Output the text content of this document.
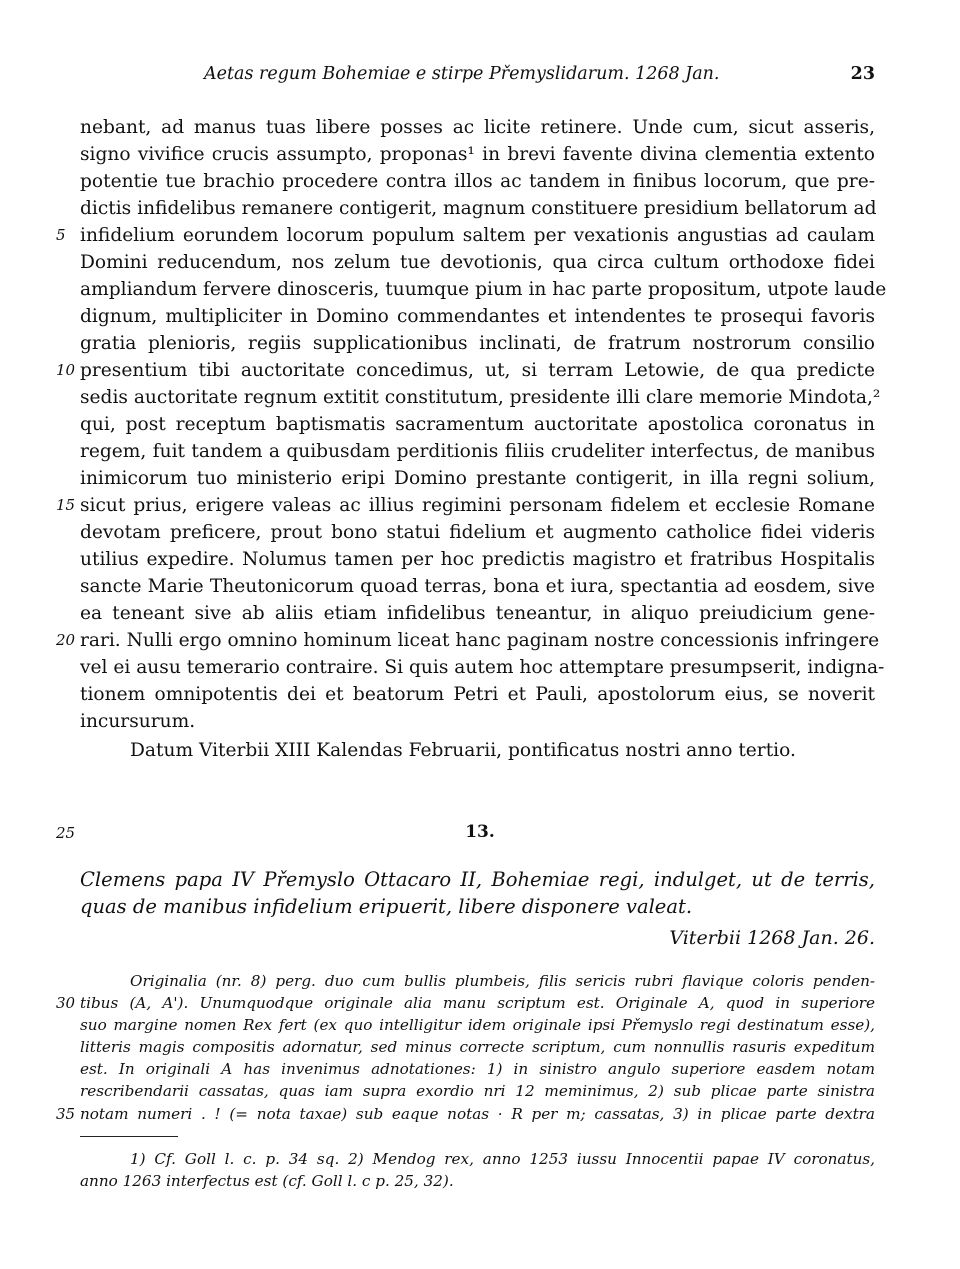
Aetas regum Bohemiae e stirpe Přemyslidarum. 1268 Jan.	23
nebant, ad manus tuas libere posses ac licite retinere. Unde cum, sicut asseris,
signo vivifice crucis assumpto, proponas¹ in brevi favente divina clementia extento
potentie tue brachio procedere contra illos ac tandem in finibus locorum, que pre-
dictis infidelibus remanere contigerit, magnum constituere presidium bellatorum ad
infidelium eorundem locorum populum saltem per vexationis angustias ad caulam
Domini reducendum, nos zelum tue devotionis, qua circa cultum orthodoxe fidei
ampliandum fervere dinosceris, tuumque pium in hac parte propositum, utpote laude
dignum, multipliciter in Domino commendantes et intendentes te prosequi favoris
gratia plenioris, regiis supplicationibus inclinati, de fratrum nostrorum consilio
presentium tibi auctoritate concedimus, ut, si terram Letowie, de qua predicte
sedis auctoritate regnum extitit constitutum, presidente illi clare memorie Mindota,²
qui, post receptum baptismatis sacramentum auctoritate apostolica coronatus in
regem, fuit tandem a quibusdam perditionis filiis crudeliter interfectus, de manibus
inimicorum tuo ministerio eripi Domino prestante contigerit, in illa regni solium,
sicut prius, erigere valeas ac illius regimini personam fidelem et ecclesie Romane
devotam preficere, prout bono statui fidelium et augmento catholice fidei videris
utilius expedire. Nolumus tamen per hoc predictis magistro et fratribus Hospitalis
sancte Marie Theutonicorum quoad terras, bona et iura, spectantia ad eosdem, sive
ea teneant sive ab aliis etiam infidelibus teneantur, in aliquo preiudicium gene-
rari. Nulli ergo omnino hominum liceat hanc paginam nostre concessionis infringere
vel ei ausu temerario contraire. Si quis autem hoc attemptare presumpserit, indigna-
tionem omnipotentis dei et beatorum Petri et Pauli, apostolorum eius, se noverit
incursurum.
5
10
15
20
Datum Viterbii XIII Kalendas Februarii, pontificatus nostri anno tertio.
25	13.
Clemens papa IV Přemyslo Ottacaro II, Bohemiae regi, indulget, ut de terris,
quas de manibus infidelium eripuerit, libere disponere valeat.
Viterbii 1268 Jan. 26.
Originalia (nr. 8) perg. duo cum bullis plumbeis, filis sericis rubri flavique coloris penden-
tibus (A, A'). Unumquodque originale alia manu scriptum est. Originale A, quod in superiore
suo margine nomen Rex fert (ex quo intelligitur idem originale ipsi Přemyslo regi destinatum esse),
litteris magis compositis adornatur, sed minus correcte scriptum, cum nonnullis rasuris expeditum
est. In originali A has invenimus adnotationes: 1) in sinistro angulo superiore easdem notam
rescribendarii cassatas, quas iam supra exordio nri 12 meminimus, 2) sub plicae parte sinistra
notam numeri . ! (= nota taxae) sub eaque notas · R per m; cassatas, 3) in plicae parte dextra
30
35
1) Cf. Goll l. c. p. 34 sq. 2) Mendog rex, anno 1253 iussu Innocentii papae IV coronatus,
anno 1263 interfectus est (cf. Goll l. c p. 25, 32).
